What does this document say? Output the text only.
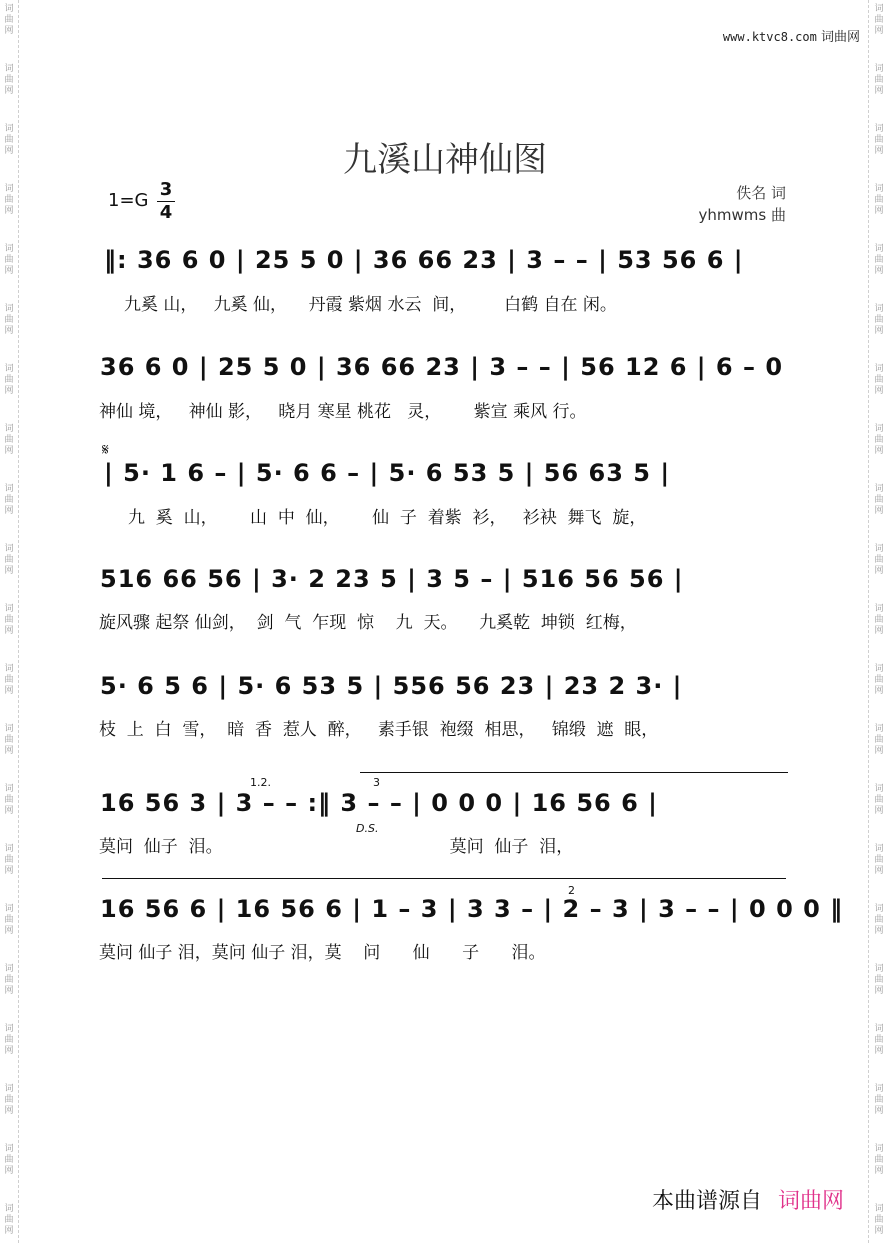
词
曲
网
词
曲
网
词
曲
网
词
曲
网
词
曲
网
词
曲
网
词
曲
网
词
曲
网
词
曲
网
词
曲
网
词
曲
网
词
曲
网
词
曲
网
词
曲
网
词
曲
网
词
曲
网
词
曲
网
词
曲
网
词
曲
网
词
曲
网
词
曲
网
词
曲
网
词
曲
网
词
曲
网
词
曲
网
词
曲
网
词
曲
网
词
曲
网
词
曲
网
词
曲
网
词
曲
网
词
曲
网
词
曲
网
词
曲
网
词
曲
网
词
曲
网
词
曲
网
词
曲
网
词
曲
网
词
曲
网
词
曲
网
词
曲
网
www.ktvc8.com 词曲网
九溪山神仙图
1=G
3
4
佚名 词
yhmwms 曲
‖: 36 6 0 | 25 5 0 | 36 66 23 | 3 – – | 53 56 6 |
九奚 山，   九奚 仙，    丹霞 紫烟 水云  间，       白鹤 自在 闲。
36 6 0 | 25 5 0 | 36 66 23 | 3 – – | 56 12 6 | 6 – 0
神仙 境，   神仙 影，   晓月 寒星 桃花   灵，      紫宣 乘风 行。
𝄋
| 5· 1 6 – | 5· 6 6 – | 5· 6 53 5 | 56 63 5 |
九  奚  山，      山  中  仙，      仙  子  着紫  衫，   衫袂  舞飞  旋，
516 66 56 | 3· 2 23 5 | 3 5 – | 516 56 56 |
旋风骤 起祭 仙剑，  剑  气  乍现  惊    九  天。    九奚乾  坤锁  红梅，
5· 6 5 6 | 5· 6 53 5 | 556 56 23 | 23 2 3· |
枝  上  白  雪，  暗  香  惹人  醉，   素手银  袍缀  相思，   锦缎  遮  眼，
1.2.	3
16 56 3 | 3 – – :‖ 3 – – | 0 0 0 | 16 56 6 |
D.S.
莫问  仙子  泪。                                          莫问  仙子  泪，
2
16 56 6 | 16 56 6 | 1 – 3 | 3 3 – | 2 – 3 | 3 – – | 0 0 0 ‖
莫问 仙子 泪，莫问 仙子 泪，莫    问      仙      子      泪。
本曲谱源自 词曲网
